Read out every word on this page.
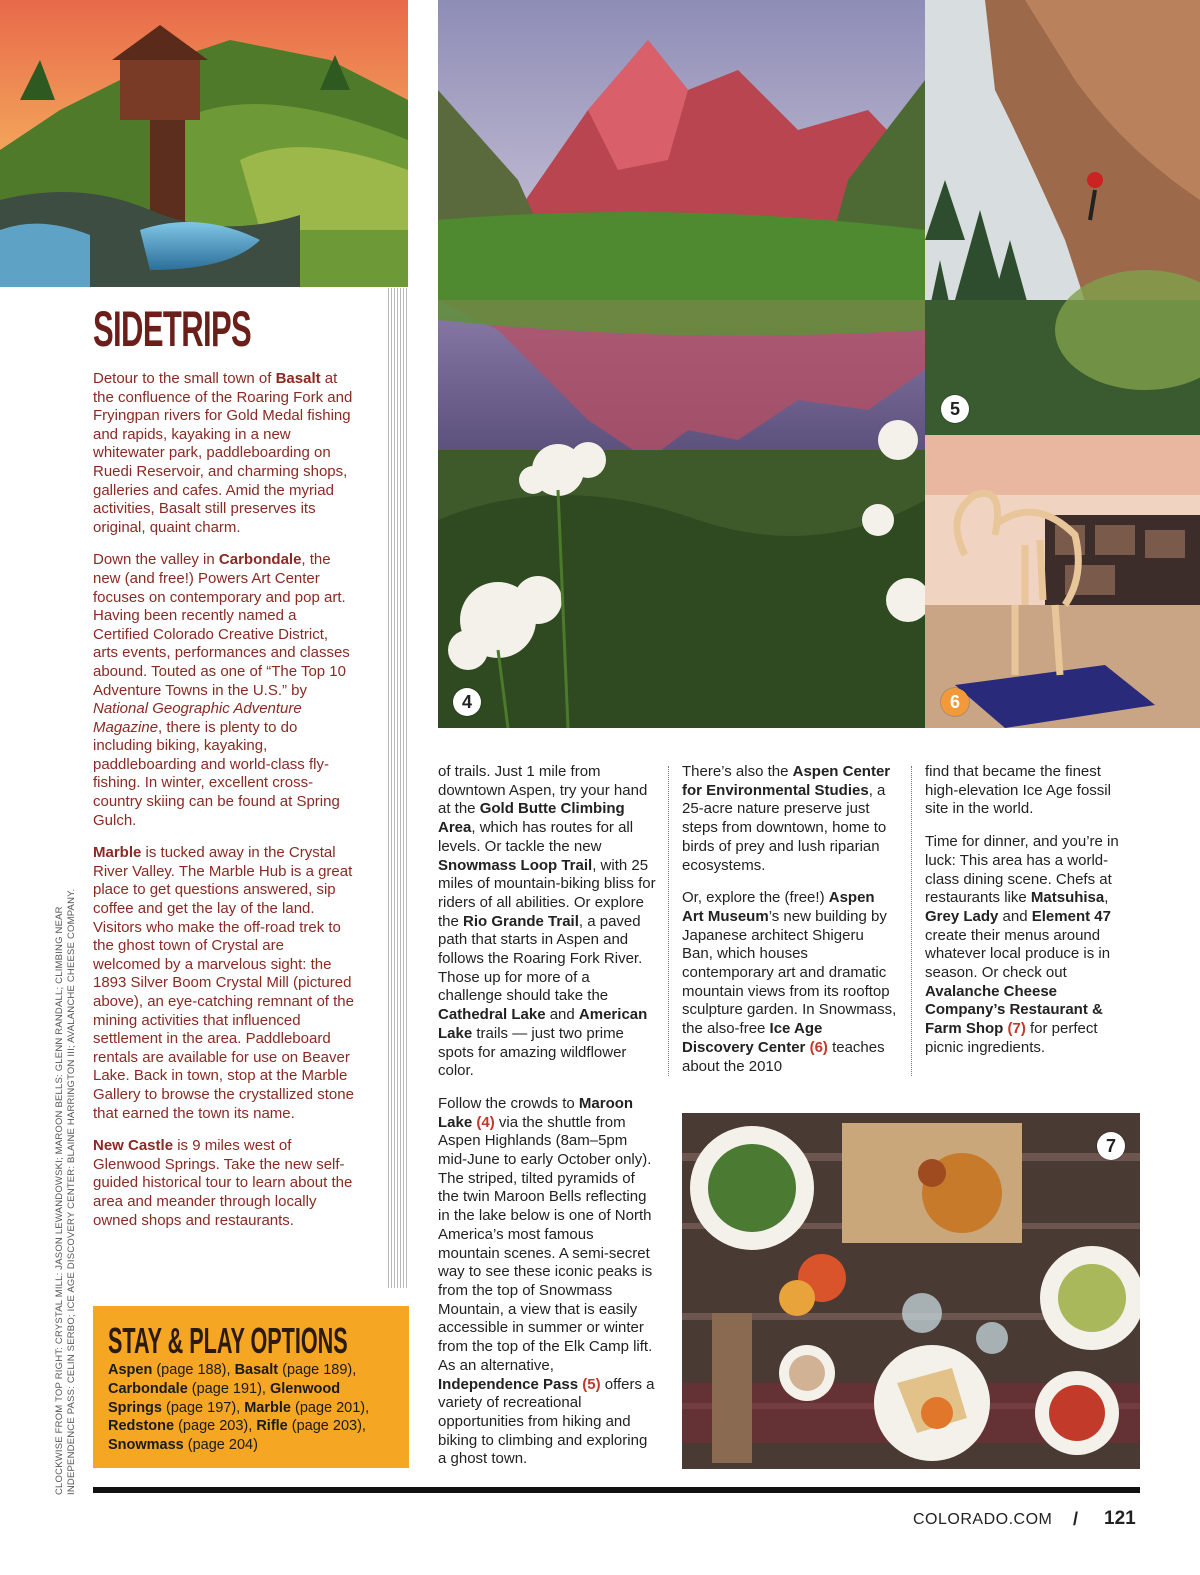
4
5
6
7
SIDETRIPS

Detour to the small town of Basalt at the confluence of the Roaring Fork and Fryingpan rivers for Gold Medal fishing and rapids, kayaking in a new whitewater park, paddleboarding on Ruedi Reservoir, and charming shops, galleries and cafes. Amid the myriad activities, Basalt still preserves its original, quaint charm.

Down the valley in Carbondale, the new (and free!) Powers Art Center focuses on contemporary and pop art. Having been recently named a Certified Colorado Creative District, arts events, performances and classes abound. Touted as one of “The Top 10 Adventure Towns in the U.S.” by National Geographic Adventure Magazine, there is plenty to do including biking, kayaking, paddleboarding and world-class fly-fishing. In winter, excellent cross-country skiing can be found at Spring Gulch.

Marble is tucked away in the Crystal River Valley. The Marble Hub is a great place to get questions answered, sip coffee and get the lay of the land. Visitors who make the off-road trek to the ghost town of Crystal are welcomed by a marvelous sight: the 1893 Silver Boom Crystal Mill (pictured above), an eye-catching remnant of the mining activities that influenced settlement in the area. Paddleboard rentals are available for use on Beaver Lake. Back in town, stop at the Marble Gallery to browse the crystallized stone that earned the town its name.

New Castle is 9 miles west of Glenwood Springs. Take the new self-guided historical tour to learn about the area and meander through locally owned shops and restaurants.

CLOCKWISE FROM TOP RIGHT: CRYSTAL MILL: JASON LEWANDOWSKI; MAROON BELLS: GLENN RANDALL; CLIMBING NEAR INDEPENDENCE PASS: CELIN SERBO; ICE AGE DISCOVERY CENTER: BLAINE HARRINGTON III; AVALANCHE CHEESE COMPANY. STAY & PLAY OPTIONS
Aspen (page 188), Basalt (page 189), Carbondale (page 191), Glenwood Springs (page 197), Marble (page 201), Redstone (page 203), Rifle (page 203), Snowmass (page 204)

of trails. Just 1 mile from downtown Aspen, try your hand at the Gold Butte Climbing Area, which has routes for all levels. Or tackle the new Snowmass Loop Trail, with 25 miles of mountain-biking bliss for riders of all abilities. Or explore the Rio Grande Trail, a paved path that starts in Aspen and follows the Roaring Fork River. Those up for more of a challenge should take the Cathedral Lake and American Lake trails — just two prime spots for amazing wildflower color.

Follow the crowds to Maroon Lake (4) via the shuttle from Aspen Highlands (8am–5pm mid-June to early October only). The striped, tilted pyramids of the twin Maroon Bells reflecting in the lake below is one of North America’s most famous mountain scenes. A semi-secret way to see these iconic peaks is from the top of Snowmass Mountain, a view that is easily accessible in summer or winter from the top of the Elk Camp lift. As an alternative, Independence Pass (5) offers a variety of recreational opportunities from hiking and biking to climbing and exploring a ghost town.

There’s also the Aspen Center for Environmental Studies, a 25-acre nature preserve just steps from downtown, home to birds of prey and lush riparian ecosystems.

Or, explore the (free!) Aspen Art Museum’s new building by Japanese architect Shigeru Ban, which houses contemporary art and dramatic mountain views from its rooftop sculpture garden. In Snowmass, the also-free Ice Age Discovery Center (6) teaches about the 2010

find that became the finest high-elevation Ice Age fossil site in the world.

Time for dinner, and you’re in luck: This area has a world-class dining scene. Chefs at restaurants like Matsuhisa, Grey Lady and Element 47 create their menus around whatever local produce is in season. Or check out Avalanche Cheese Company’s Restaurant & Farm Shop (7) for perfect picnic ingredients.

COLORADO.COM / 121
